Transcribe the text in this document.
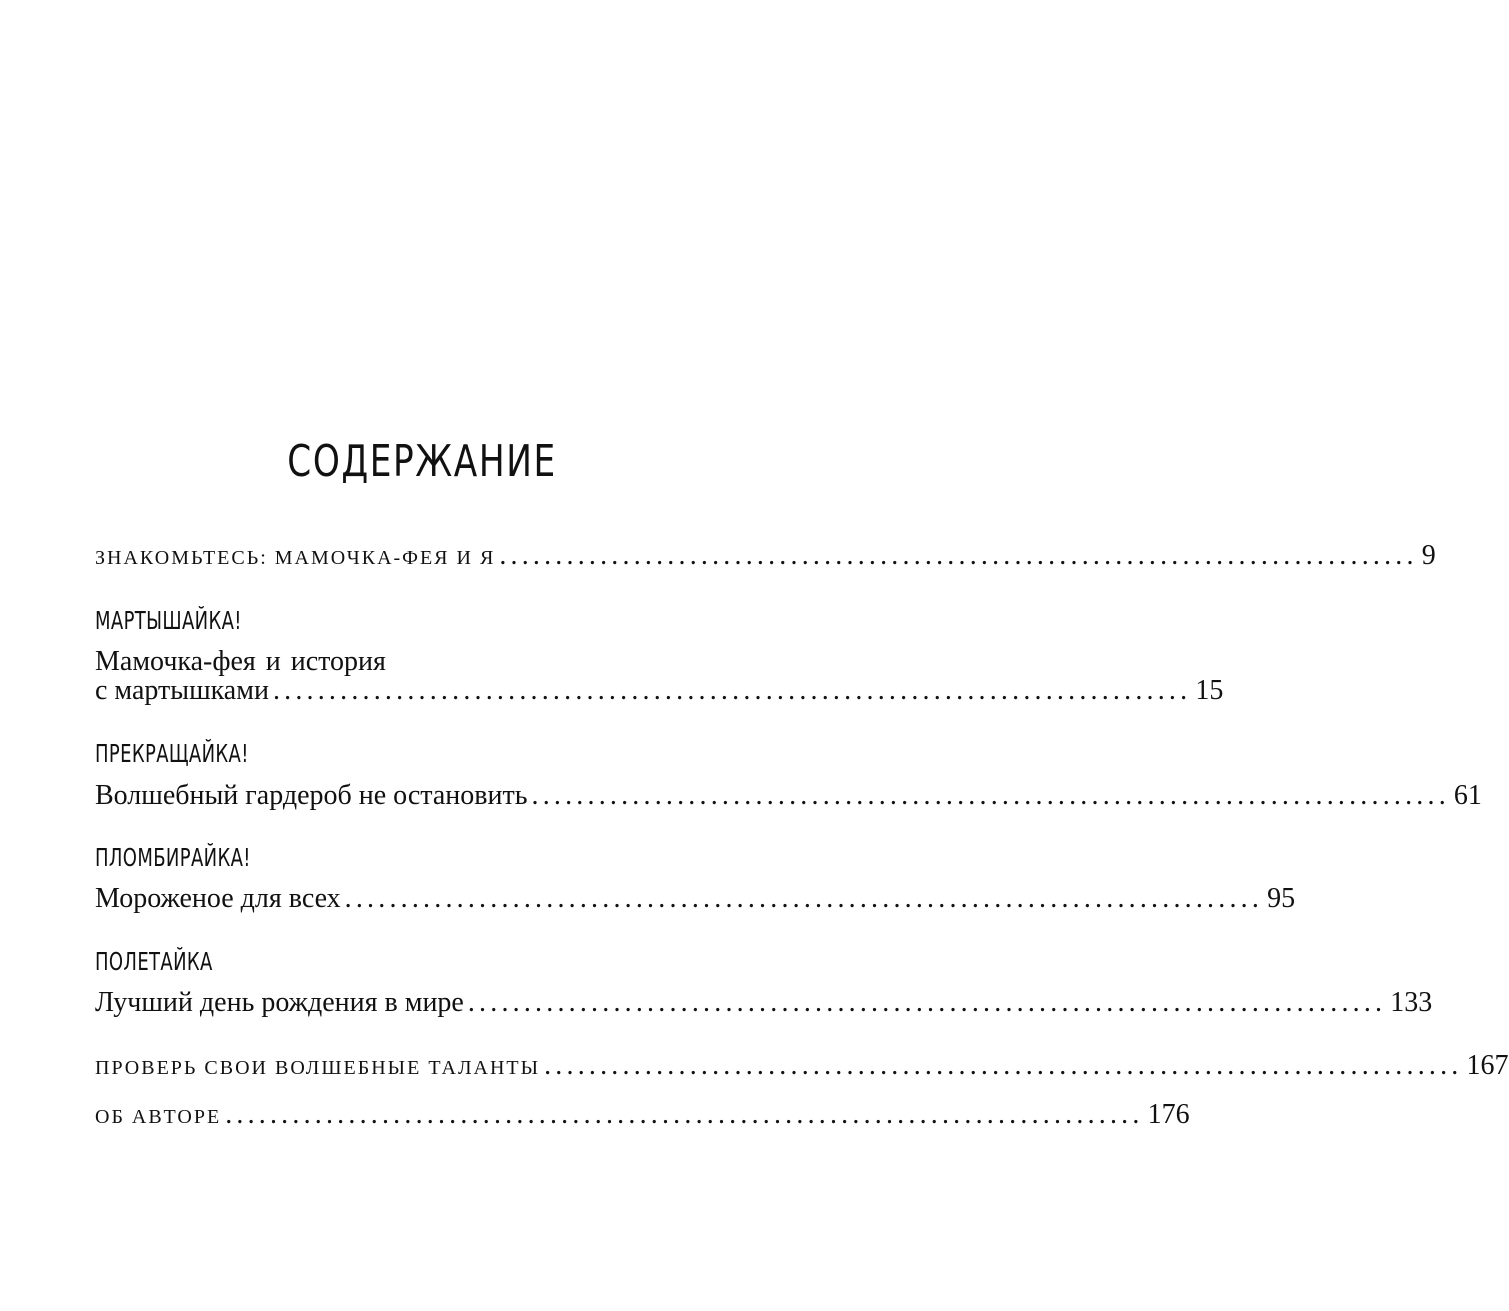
СОДЕРЖАНИЕ
ЗНАКОМЬТЕСЬ: МАМОЧКА-ФЕЯ И Я .................................................................................. 9
МАРТЫШАЙКА!
Мамочка-фея и история
с мартышками .................................................................................. 15
ПРЕКРАЩАЙКА!
Волшебный гардероб не остановить .................................................................................. 61
ПЛОМБИРАЙКА!
Мороженое для всех .................................................................................. 95
ПОЛЕТАЙКА
Лучший день рождения в мире .................................................................................. 133
ПРОВЕРЬ СВОИ ВОЛШЕБНЫЕ ТАЛАНТЫ .................................................................................. 167
ОБ АВТОРЕ .................................................................................. 176
